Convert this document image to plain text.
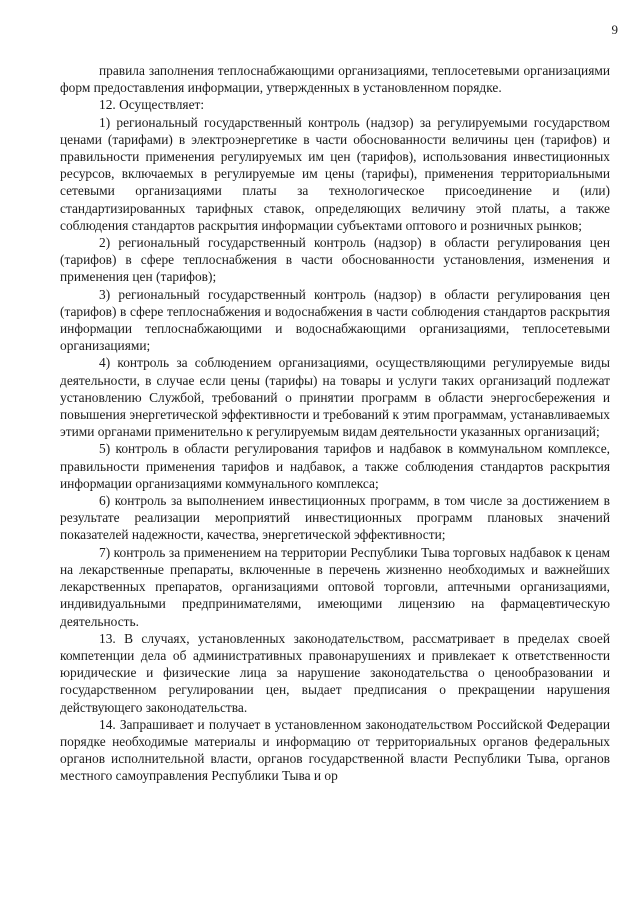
9

правила заполнения теплоснабжающими организациями, теплосетевыми организациями форм предоставления информации, утвержденных в установленном порядке.

12. Осуществляет:

1) региональный государственный контроль (надзор) за регулируемыми государством ценами (тарифами) в электроэнергетике в части обоснованности величины цен (тарифов) и правильности применения регулируемых им цен (тарифов), использования инвестиционных ресурсов, включаемых в регулируемые им цены (тарифы), применения территориальными сетевыми организациями платы за технологическое присоединение и (или) стандартизированных тарифных ставок, определяющих величину этой платы, а также соблюдения стандартов раскрытия информации субъектами оптового и розничных рынков;

2) региональный государственный контроль (надзор) в области регулирования цен (тарифов) в сфере теплоснабжения в части обоснованности установления, изменения и применения цен (тарифов);

3) региональный государственный контроль (надзор) в области регулирования цен (тарифов) в сфере теплоснабжения и водоснабжения в части соблюдения стандартов раскрытия информации теплоснабжающими и водоснабжающими организациями, теплосетевыми организациями;

4) контроль за соблюдением организациями, осуществляющими регулируемые виды деятельности, в случае если цены (тарифы) на товары и услуги таких организаций подлежат установлению Службой, требований о принятии программ в области энергосбережения и повышения энергетической эффективности и требований к этим программам, устанавливаемых этими органами применительно к регулируемым видам деятельности указанных организаций;

5) контроль в области регулирования тарифов и надбавок в коммунальном комплексе, правильности применения тарифов и надбавок, а также соблюдения стандартов раскрытия информации организациями коммунального комплекса;

6) контроль за выполнением инвестиционных программ, в том числе за достижением в результате реализации мероприятий инвестиционных программ плановых значений показателей надежности, качества, энергетической эффективности;

7) контроль за применением на территории Республики Тыва торговых надбавок к ценам на лекарственные препараты, включенные в перечень жизненно необходимых и важнейших лекарственных препаратов, организациями оптовой торговли, аптечными организациями, индивидуальными предпринимателями, имеющими лицензию на фармацевтическую деятельность.

13. В случаях, установленных законодательством, рассматривает в пределах своей компетенции дела об административных правонарушениях и привлекает к ответственности юридические и физические лица за нарушение законодательства о ценообразовании и государственном регулировании цен, выдает предписания о прекращении нарушения действующего законодательства.

14. Запрашивает и получает в установленном законодательством Российской Федерации порядке необходимые материалы и информацию от территориальных органов федеральных органов исполнительной власти, органов государственной власти Республики Тыва, органов местного самоуправления Республики Тыва и ор
